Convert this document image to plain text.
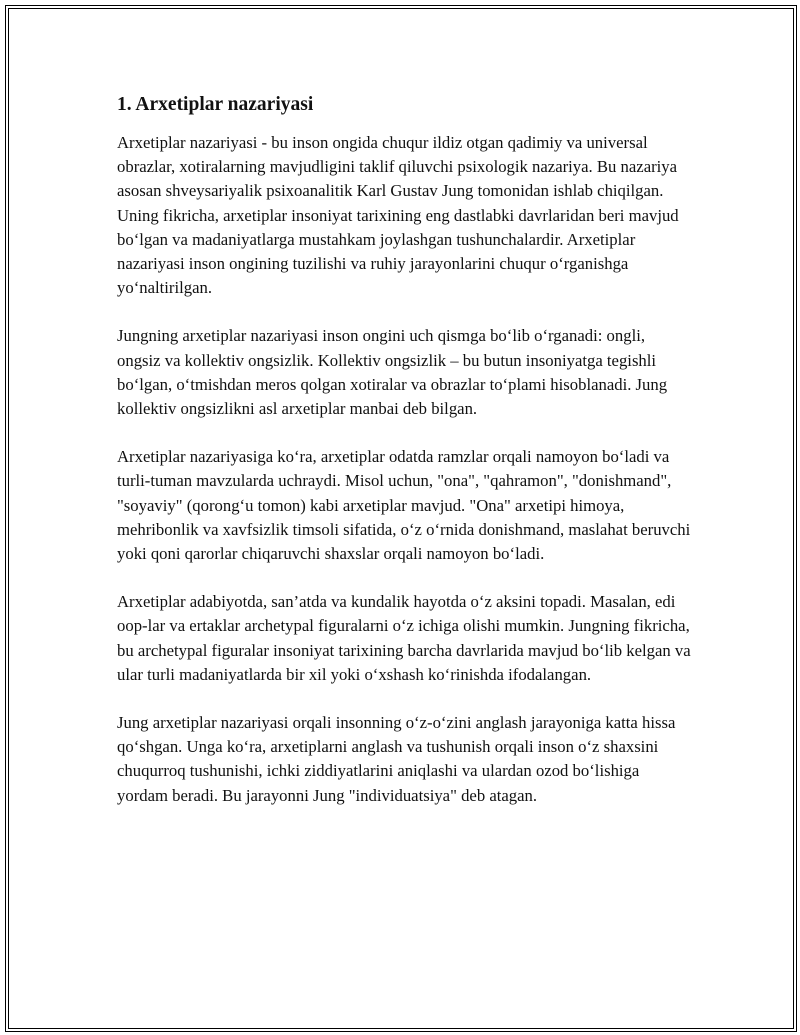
1. Arxetiplar nazariyasi

Arxetiplar nazariyasi - bu inson ongida chuqur ildiz otgan qadimiy va universal obrazlar, xotiralarning mavjudligini taklif qiluvchi psixologik nazariya. Bu nazariya asosan shveysariyalik psixoanalitik Karl Gustav Jung tomonidan ishlab chiqilgan. Uning fikricha, arxetiplar insoniyat tarixining eng dastlabki davrlaridan beri mavjud bo‘lgan va madaniyatlarga mustahkam joylashgan tushunchalardir. Arxetiplar nazariyasi inson ongining tuzilishi va ruhiy jarayonlarini chuqur o‘rganishga yo‘naltirilgan.

Jungning arxetiplar nazariyasi inson ongini uch qismga bo‘lib o‘rganadi: ongli, ongsiz va kollektiv ongsizlik. Kollektiv ongsizlik – bu butun insoniyatga tegishli bo‘lgan, o‘tmishdan meros qolgan xotiralar va obrazlar to‘plami hisoblanadi. Jung kollektiv ongsizlikni asl arxetiplar manbai deb bilgan.

Arxetiplar nazariyasiga ko‘ra, arxetiplar odatda ramzlar orqali namoyon bo‘ladi va turli-tuman mavzularda uchraydi. Misol uchun, "ona", "qahramon", "donishmand", "soyaviy" (qorong‘u tomon) kabi arxetiplar mavjud. "Ona" arxetipi himoya, mehribonlik va xavfsizlik timsoli sifatida, o‘z o‘rnida donishmand, maslahat beruvchi yoki qoni qarorlar chiqaruvchi shaxslar orqali namoyon bo‘ladi.

Arxetiplar adabiyotda, san’atda va kundalik hayotda o‘z aksini topadi. Masalan, edi oop-lar va ertaklar archetypal figuralarni o‘z ichiga olishi mumkin. Jungning fikricha, bu archetypal figuralar insoniyat tarixining barcha davrlarida mavjud bo‘lib kelgan va ular turli madaniyatlarda bir xil yoki o‘xshash ko‘rinishda ifodalangan.

Jung arxetiplar nazariyasi orqali insonning o‘z-o‘zini anglash jarayoniga katta hissa qo‘shgan. Unga ko‘ra, arxetiplarni anglash va tushunish orqali inson o‘z shaxsini chuqurroq tushunishi, ichki ziddiyatlarini aniqlashi va ulardan ozod bo‘lishiga yordam beradi. Bu jarayonni Jung "individuatsiya" deb atagan.
